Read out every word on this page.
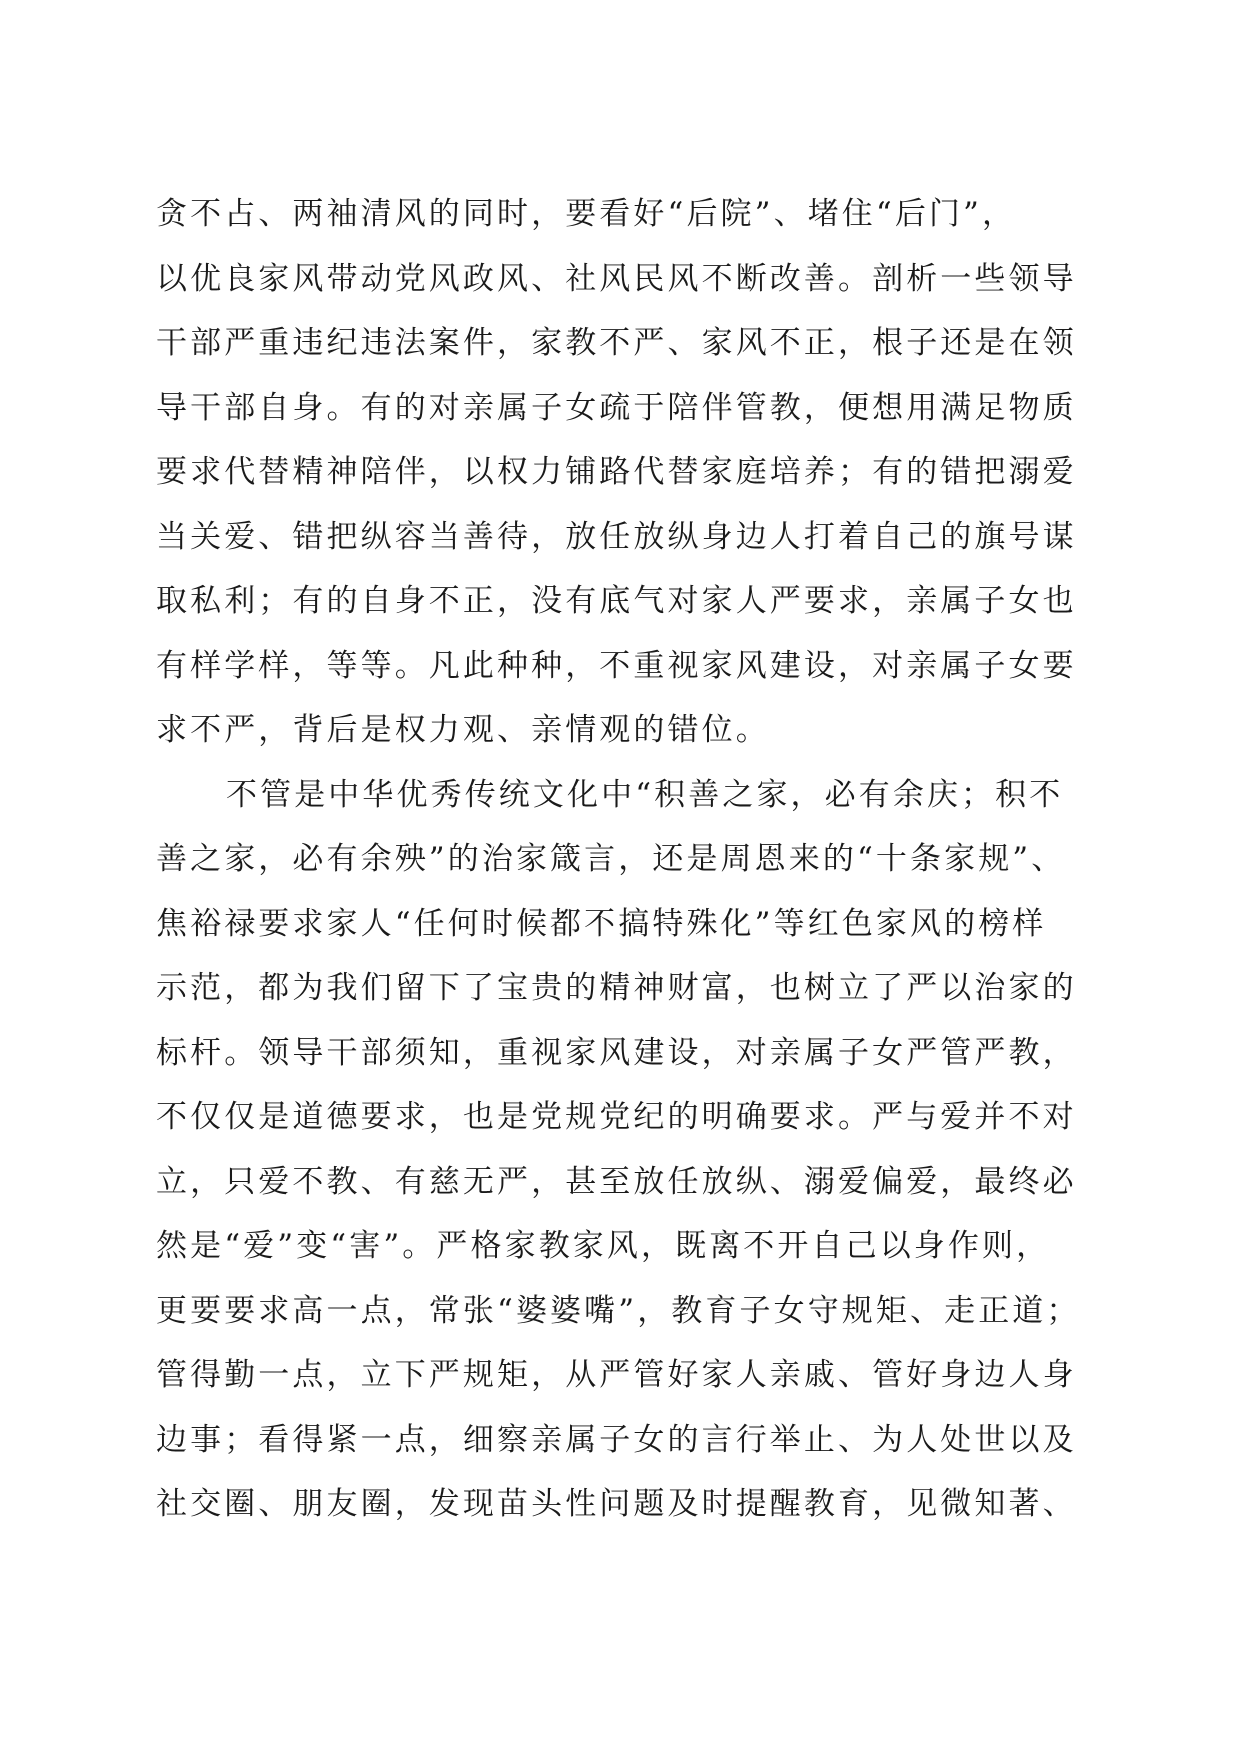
贪不占、两袖清风的同时，要看好“后院”、堵住“后门”，
以优良家风带动党风政风、社风民风不断改善。剖析一些领导
干部严重违纪违法案件，家教不严、家风不正，根子还是在领
导干部自身。有的对亲属子女疏于陪伴管教，便想用满足物质
要求代替精神陪伴，以权力铺路代替家庭培养；有的错把溺爱
当关爱、错把纵容当善待，放任放纵身边人打着自己的旗号谋
取私利；有的自身不正，没有底气对家人严要求，亲属子女也
有样学样，等等。凡此种种，不重视家风建设，对亲属子女要
求不严，背后是权力观、亲情观的错位。
不管是中华优秀传统文化中“积善之家，必有余庆；积不
善之家，必有余殃”的治家箴言，还是周恩来的“十条家规”、
焦裕禄要求家人“任何时候都不搞特殊化”等红色家风的榜样
示范，都为我们留下了宝贵的精神财富，也树立了严以治家的
标杆。领导干部须知，重视家风建设，对亲属子女严管严教，
不仅仅是道德要求，也是党规党纪的明确要求。严与爱并不对
立，只爱不教、有慈无严，甚至放任放纵、溺爱偏爱，最终必
然是“爱”变“害”。严格家教家风，既离不开自己以身作则，
更要要求高一点，常张“婆婆嘴”，教育子女守规矩、走正道；
管得勤一点，立下严规矩，从严管好家人亲戚、管好身边人身
边事；看得紧一点，细察亲属子女的言行举止、为人处世以及
社交圈、朋友圈，发现苗头性问题及时提醒教育，见微知著、
